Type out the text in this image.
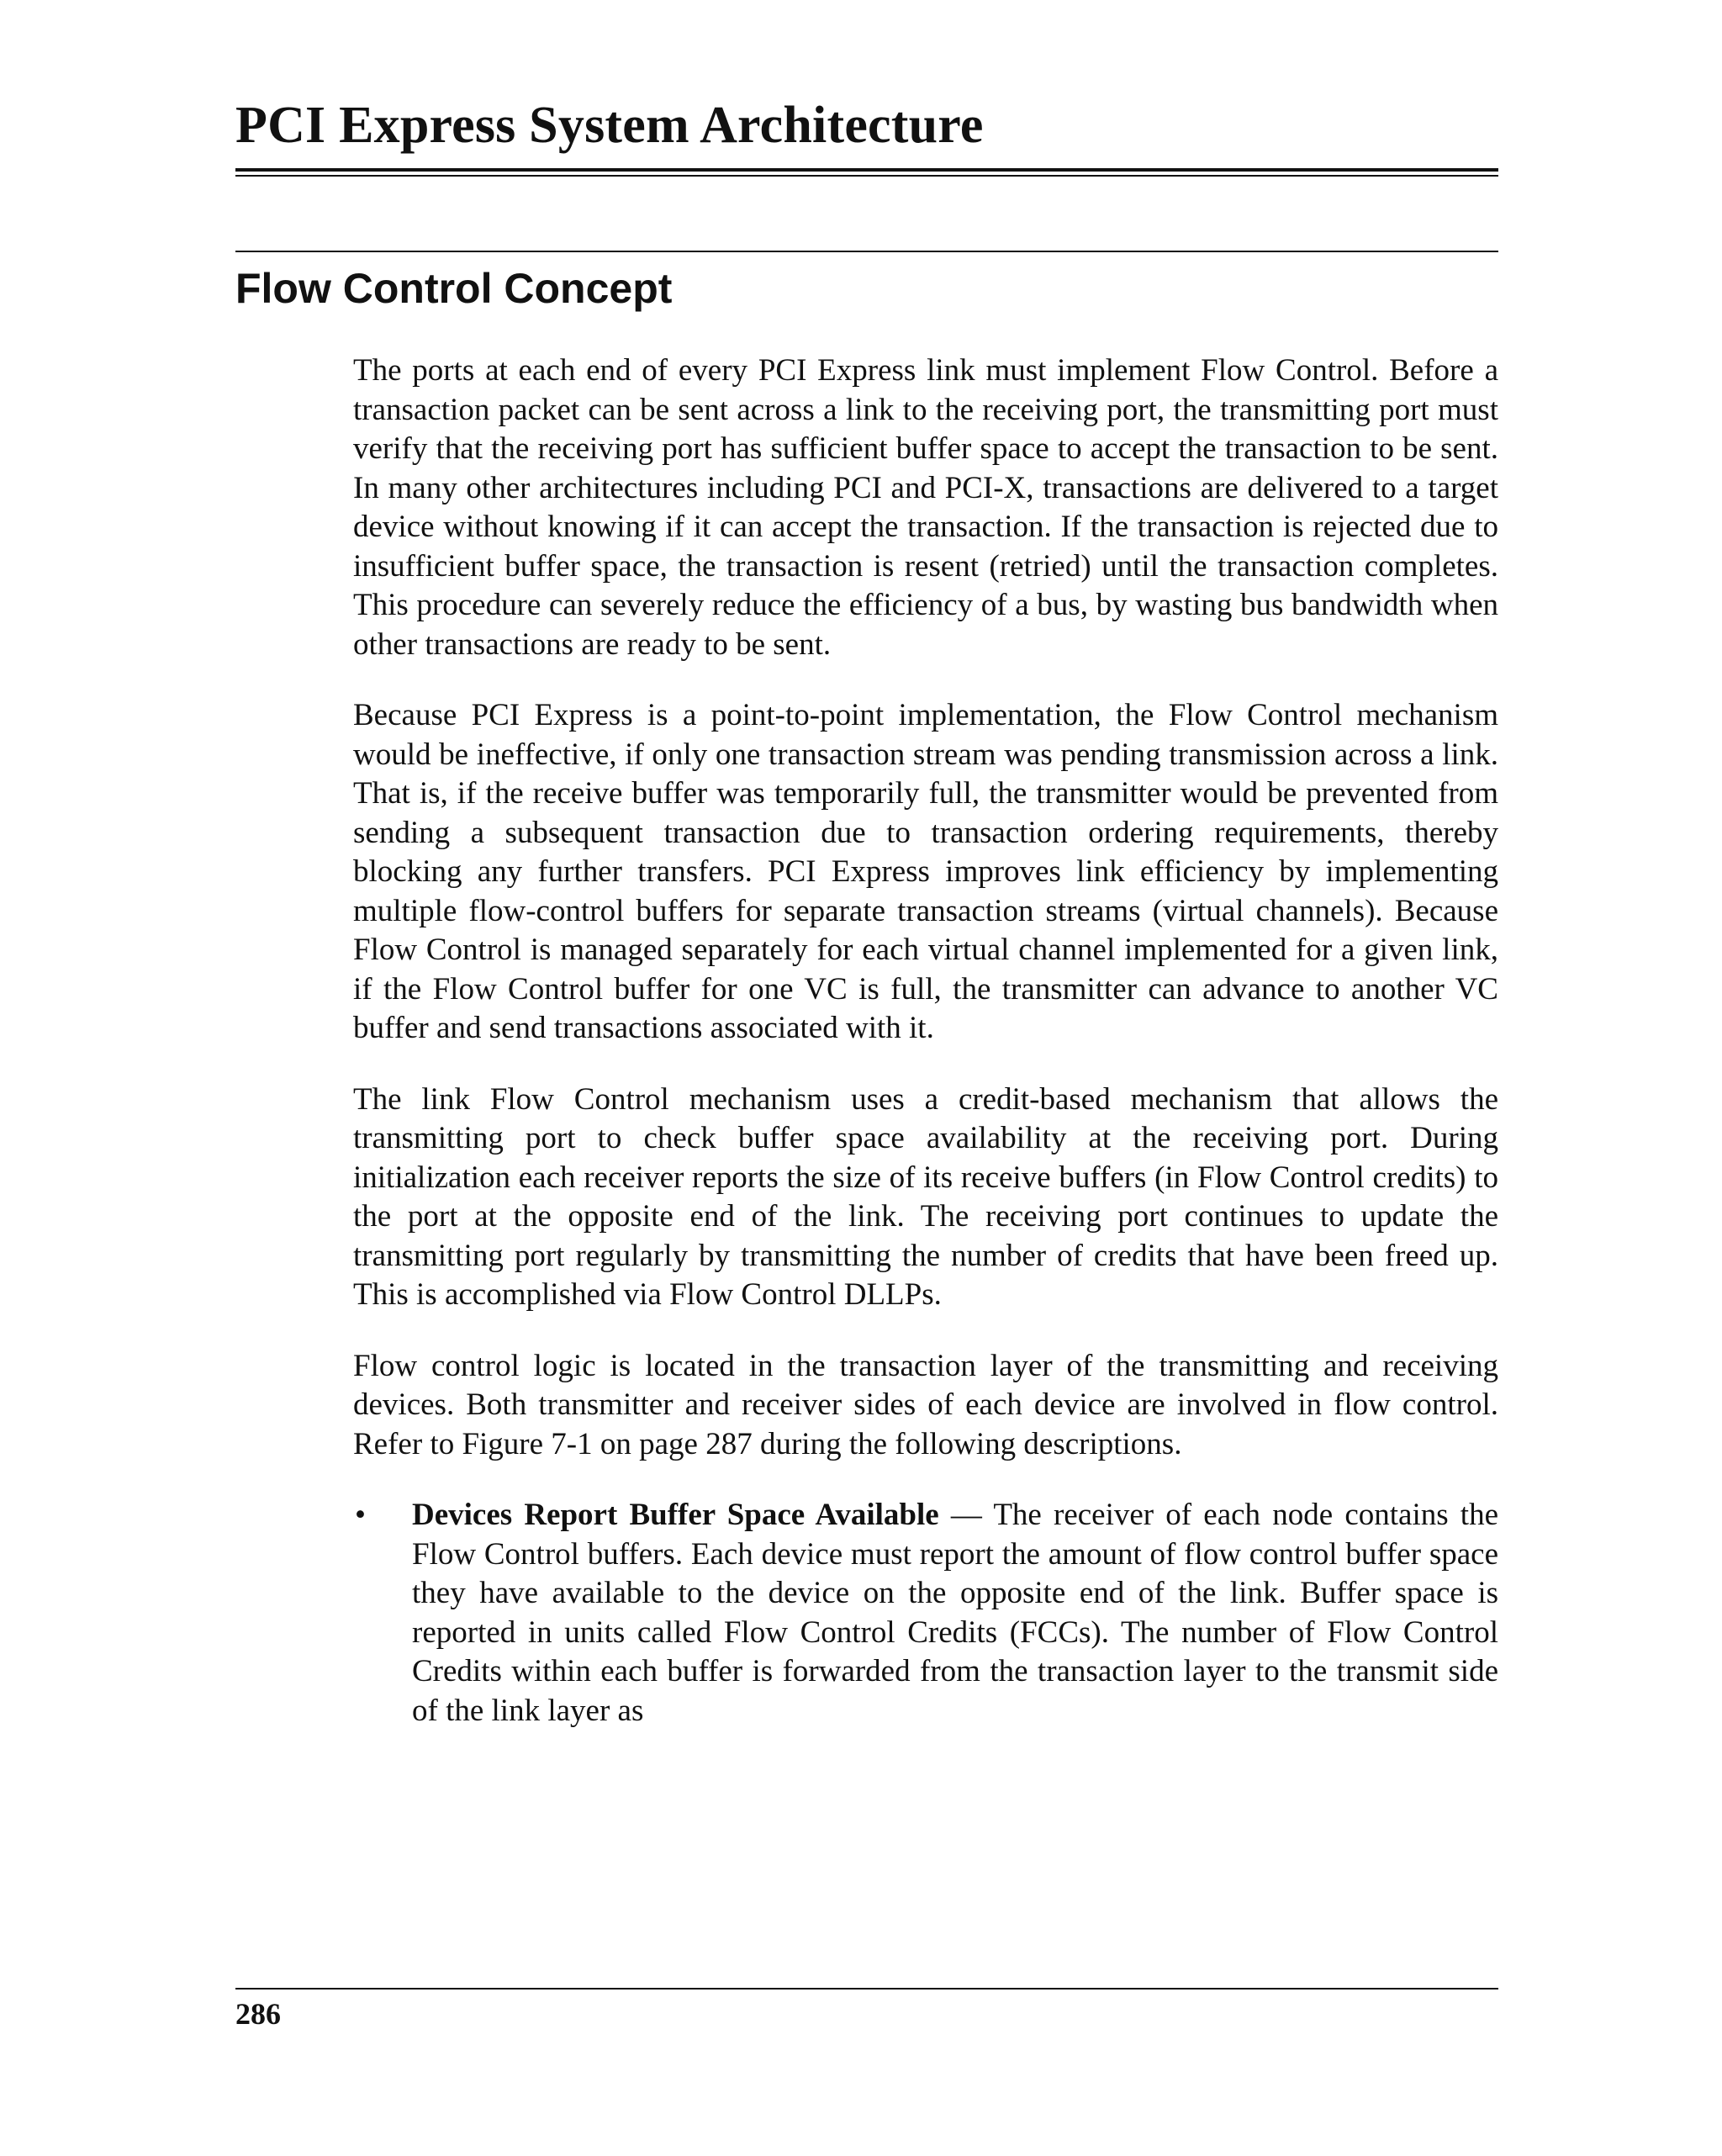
PCI Express System Architecture
Flow Control Concept

The ports at each end of every PCI Express link must implement Flow Control. Before a transaction packet can be sent across a link to the receiving port, the transmitting port must verify that the receiving port has sufficient buffer space to accept the transaction to be sent. In many other architectures including PCI and PCI-X, transactions are delivered to a target device without knowing if it can accept the transaction. If the transaction is rejected due to insufficient buffer space, the transaction is resent (retried) until the transaction completes. This procedure can severely reduce the efficiency of a bus, by wasting bus bandwidth when other transactions are ready to be sent.

Because PCI Express is a point-to-point implementation, the Flow Control mechanism would be ineffective, if only one transaction stream was pending transmission across a link. That is, if the receive buffer was temporarily full, the transmitter would be prevented from sending a subsequent transaction due to transaction ordering requirements, thereby blocking any further transfers. PCI Express improves link efficiency by implementing multiple flow-control buffers for separate transaction streams (virtual channels). Because Flow Control is managed separately for each virtual channel implemented for a given link, if the Flow Control buffer for one VC is full, the transmitter can advance to another VC buffer and send transactions associated with it.

The link Flow Control mechanism uses a credit-based mechanism that allows the transmitting port to check buffer space availability at the receiving port. During initialization each receiver reports the size of its receive buffers (in Flow Control credits) to the port at the opposite end of the link. The receiving port continues to update the transmitting port regularly by transmitting the number of credits that have been freed up. This is accomplished via Flow Control DLLPs.

Flow control logic is located in the transaction layer of the transmitting and receiving devices. Both transmitter and receiver sides of each device are involved in flow control. Refer to Figure 7-1 on page 287 during the following descriptions.

• Devices Report Buffer Space Available — The receiver of each node contains the Flow Control buffers. Each device must report the amount of flow control buffer space they have available to the device on the opposite end of the link. Buffer space is reported in units called Flow Control Credits (FCCs). The number of Flow Control Credits within each buffer is forwarded from the transaction layer to the transmit side of the link layer as

286
